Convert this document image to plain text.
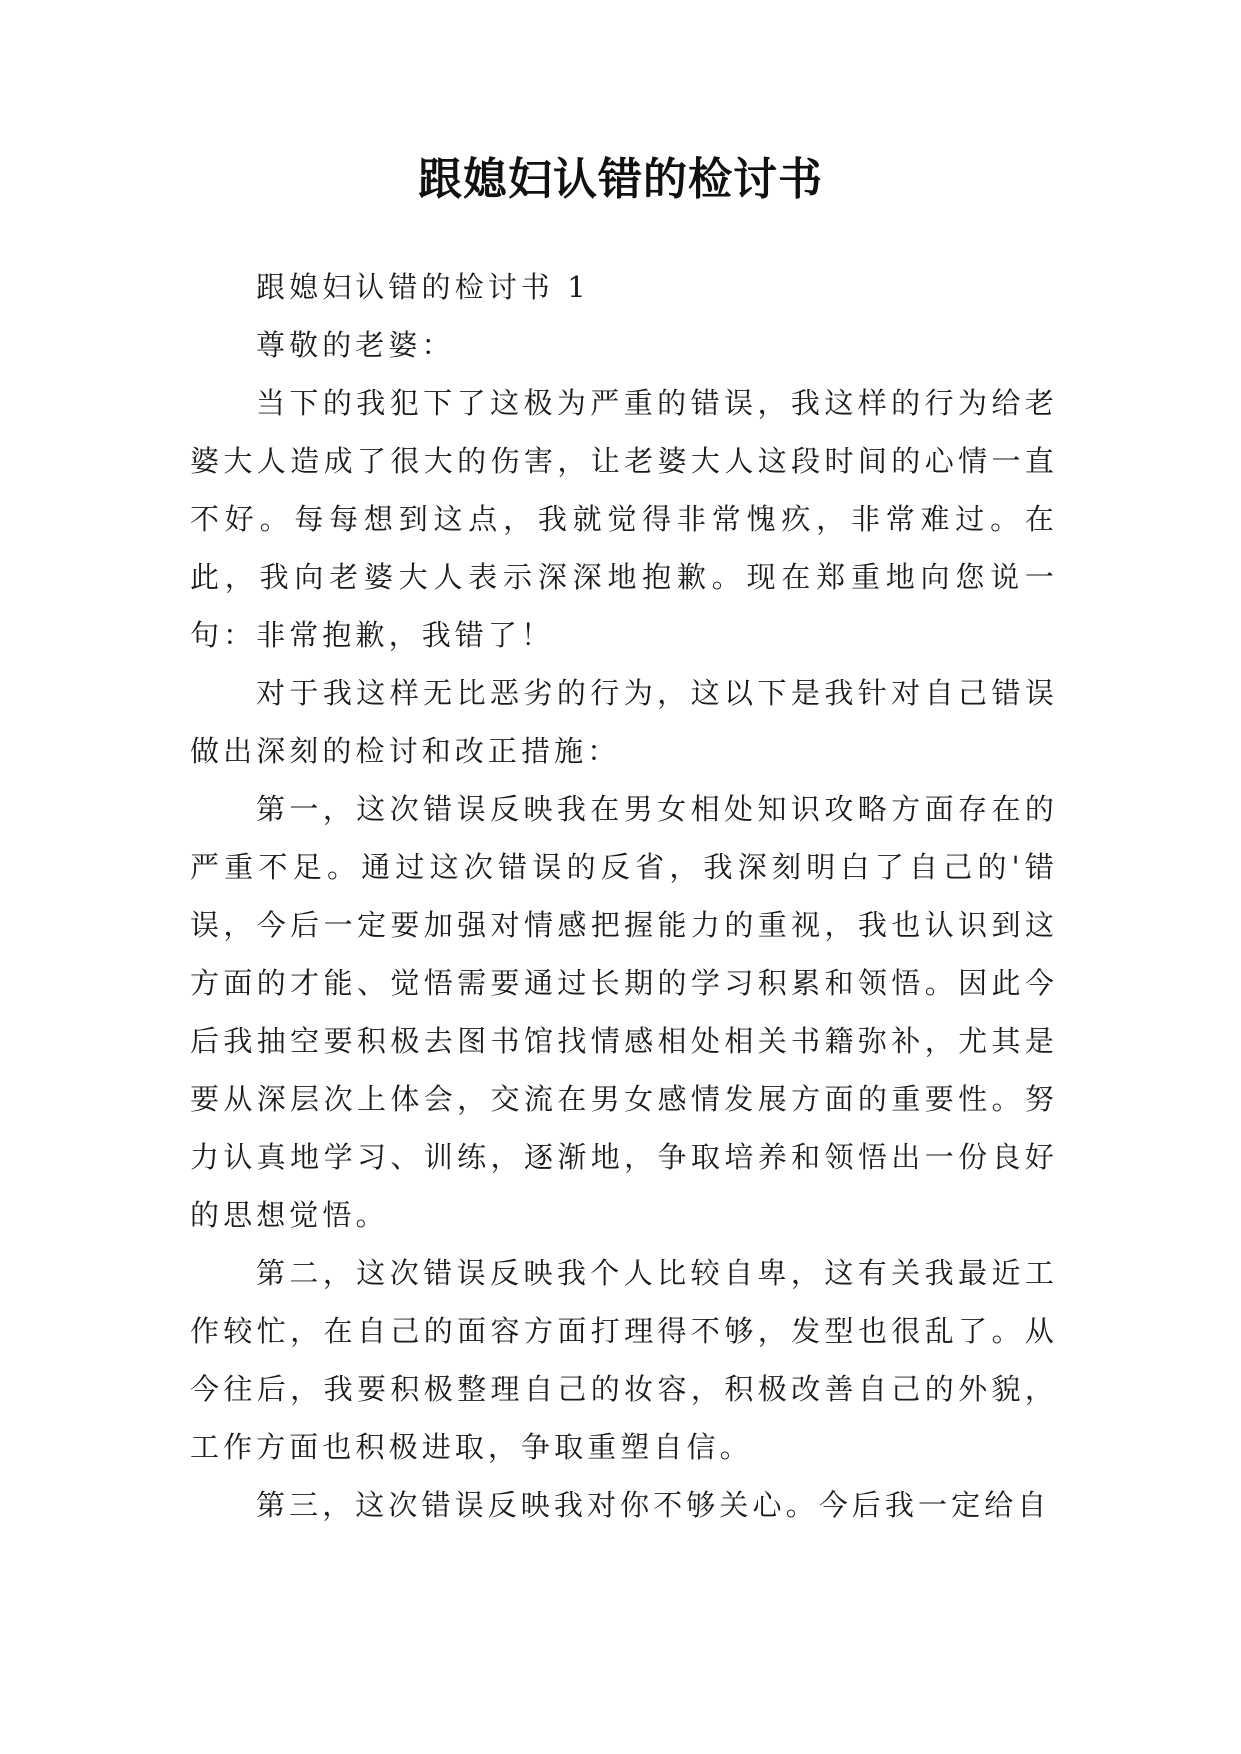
跟媳妇认错的检讨书

跟媳妇认错的检讨书 1

尊敬的老婆：

当下的我犯下了这极为严重的错误，我这样的行为给老婆大人造成了很大的伤害，让老婆大人这段时间的心情一直不好。每每想到这点，我就觉得非常愧疚，非常难过。在此，我向老婆大人表示深深地抱歉。现在郑重地向您说一句：非常抱歉，我错了！

对于我这样无比恶劣的行为，这以下是我针对自己错误做出深刻的检讨和改正措施：

第一，这次错误反映我在男女相处知识攻略方面存在的严重不足。通过这次错误的反省，我深刻明白了自己的'错误，今后一定要加强对情感把握能力的重视，我也认识到这方面的才能、觉悟需要通过长期的学习积累和领悟。因此今后我抽空要积极去图书馆找情感相处相关书籍弥补，尤其是要从深层次上体会，交流在男女感情发展方面的重要性。努力认真地学习、训练，逐渐地，争取培养和领悟出一份良好的思想觉悟。

第二，这次错误反映我个人比较自卑，这有关我最近工作较忙，在自己的面容方面打理得不够，发型也很乱了。从今往后，我要积极整理自己的妆容，积极改善自己的外貌，工作方面也积极进取，争取重塑自信。

第三，这次错误反映我对你不够关心。今后我一定给自
